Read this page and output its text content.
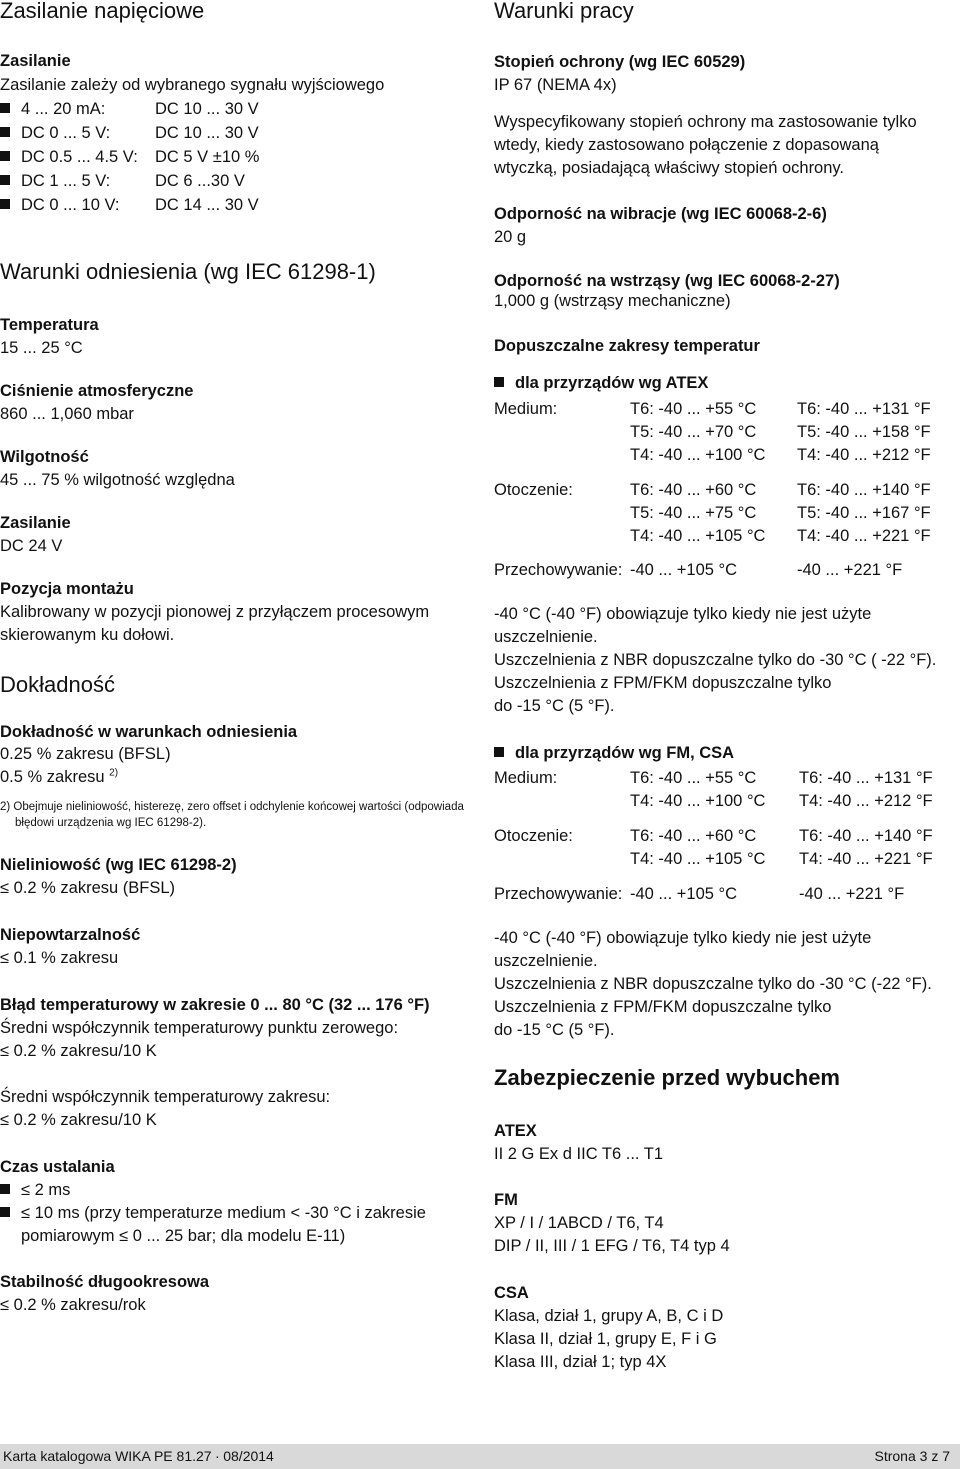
Zasilanie napięciowe
Zasilanie
Zasilanie zależy od wybranego sygnału wyjściowego
4 ... 20 mA:	DC 10 ... 30 V
DC 0 ... 5 V:	DC 10 ... 30 V
DC 0.5 ... 4.5 V: DC 5 V ±10 %
DC 1 ... 5 V:	DC 6 ...30 V
DC 0 ... 10 V: DC 14 ... 30 V
Warunki odniesienia (wg IEC 61298-1)
Temperatura
15 ... 25 °C
Ciśnienie atmosferyczne
860 ... 1,060 mbar
Wilgotność
45 ... 75 % wilgotność względna
Zasilanie
DC 24 V
Pozycja montażu
Kalibrowany w pozycji pionowej z przyłączem procesowym
skierowanym ku dołowi.
Dokładność
Dokładność w warunkach odniesienia
0.25 % zakresu (BFSL)
0.5 % zakresu $^{2)}$
2) Obejmuje nieliniowość, histerezę, zero offset i odchylenie końcowej wartości (odpowiada
błędowi urządzenia wg IEC 61298-2).
Nieliniowość (wg IEC 61298-2)
≤ 0.2 % zakresu (BFSL)
Niepowtarzalność
≤ 0.1 % zakresu
Błąd temperaturowy w zakresie 0 ... 80 °C (32 ... 176 °F)
Średni współczynnik temperaturowy punktu zerowego:
≤ 0.2 % zakresu/10 K
Średni współczynnik temperaturowy zakresu:
≤ 0.2 % zakresu/10 K
Czas ustalania
≤ 2 ms
≤ 10 ms (przy temperaturze medium < -30 °C i zakresie
pomiarowym ≤ 0 ... 25 bar; dla modelu E-11)
Stabilność długookresowa
≤ 0.2 % zakresu/rok
Warunki pracy
Stopień ochrony (wg IEC 60529)
IP 67 (NEMA 4x)
Wyspecyfikowany stopień ochrony ma zastosowanie tylko
wtedy, kiedy zastosowano połączenie z dopasowaną
wtyczką, posiadającą właściwy stopień ochrony.
Odporność na wibracje (wg IEC 60068-2-6)
20 g
Odporność na wstrząsy (wg IEC 60068-2-27)
1,000 g (wstrząsy mechaniczne)
Dopuszczalne zakresy temperatur
dla przyrządów wg ATEX
Medium:	T6: -40 ... +55 °C T6: -40 ... +131 °F
T5: -40 ... +70 °C T5: -40 ... +158 °F
T4: -40 ... +100 °C T4: -40 ... +212 °F
Otoczenie:	T6: -40 ... +60 °C T6: -40 ... +140 °F
T5: -40 ... +75 °C T5: -40 ... +167 °F
T4: -40 ... +105 °C T4: -40 ... +221 °F
Przechowywanie: -40 ... +105 °C	-40 ... +221 °F
-40 °C (-40 °F) obowiązuje tylko kiedy nie jest użyte
uszczelnienie.
Uszczelnienia z NBR dopuszczalne tylko do -30 °C ( -22 °F).
Uszczelnienia z FPM/FKM dopuszczalne tylko
do -15 °C (5 °F).
dla przyrządów wg FM, CSA
Medium:	T6: -40 ... +55 °C	T6: -40 ... +131 °F
T4: -40 ... +100 °C T4: -40 ... +212 °F
Otoczenie:	T6: -40 ... +60 °C	T6: -40 ... +140 °F
T4: -40 ... +105 °C T4: -40 ... +221 °F
Przechowywanie: -40 ... +105 °C	-40 ... +221 °F
-40 °C (-40 °F) obowiązuje tylko kiedy nie jest użyte
uszczelnienie.
Uszczelnienia z NBR dopuszczalne tylko do -30 °C (-22 °F).
Uszczelnienia z FPM/FKM dopuszczalne tylko
do -15 °C (5 °F).
Zabezpieczenie przed wybuchem
ATEX
II 2 G Ex d IIC T6 ... T1
FM
XP / I / 1ABCD / T6, T4
DIP / II, III / 1 EFG / T6, T4 typ 4
CSA
Klasa, dział 1, grupy A, B, C i D
Klasa II, dział 1, grupy E, F i G
Klasa III, dział 1; typ 4X
Karta katalogowa WIKA PE 81.27 ∙ 08/2014	Strona 3 z 7
